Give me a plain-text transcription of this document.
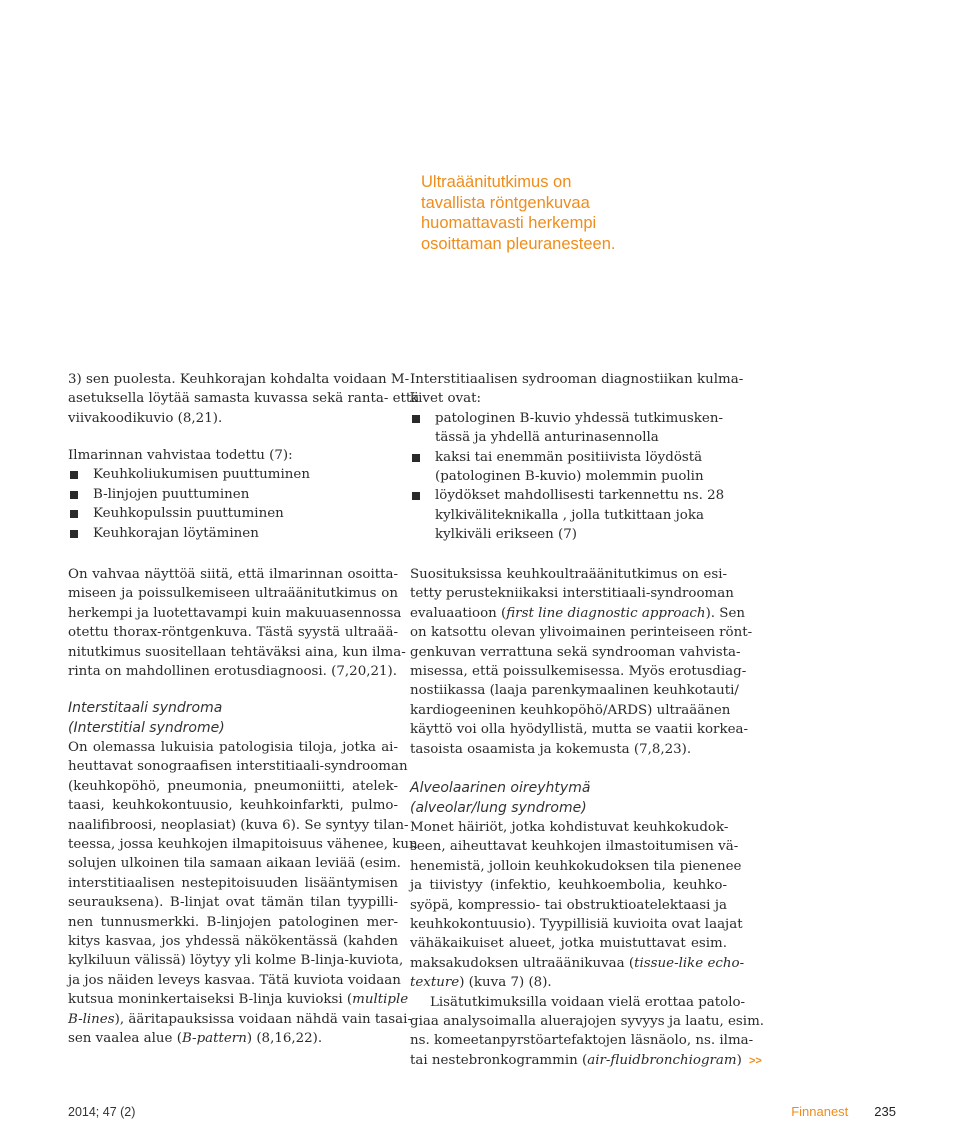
Ultraäänitutkimus on
tavallista röntgenkuvaa
huomattavasti herkempi
osoittaman pleuranesteen.

3) sen puolesta. Keuhkorajan kohdalta voidaan M-
asetuksella löytää samasta kuvassa sekä ranta- että
viivakoodikuvio (8,21).

Ilmarinnan vahvistaa todettu (7):

Keuhkoliukumisen puuttuminen
B-linjojen puuttuminen
Keuhkopulssin puuttuminen
Keuhkorajan löytäminen

On vahvaa näyttöä siitä, että ilmarinnan osoitta-
miseen ja poissulkemiseen ultraäänitutkimus on
herkempi ja luotettavampi kuin makuuasennossa
otettu thorax-röntgenkuva. Tästä syystä ultraää-
nitutkimus suositellaan tehtäväksi aina, kun ilma-
rinta on mahdollinen erotusdiagnoosi. (7,20,21).

Interstitaali syndroma
(Interstitial syndrome)

On olemassa lukuisia patologisia tiloja, jotka ai-
heuttavat sonograafisen interstitiaali-syndrooman
(keuhkopöhö, pneumonia, pneumoniitti, atelek-
taasi, keuhkokontuusio, keuhkoinfarkti, pulmo-
naalifibroosi, neoplasiat) (kuva 6). Se syntyy tilan-
teessa, jossa keuhkojen ilmapitoisuus vähenee, kun
solujen ulkoinen tila samaan aikaan leviää (esim.
interstitiaalisen nestepitoisuuden lisääntymisen
seurauksena). B-linjat ovat tämän tilan tyypilli-
nen tunnusmerkki. B-linjojen patologinen mer-
kitys kasvaa, jos yhdessä näkökentässä (kahden
kylkiluun välissä) löytyy yli kolme B-linja-kuviota,
ja jos näiden leveys kasvaa. Tätä kuviota voidaan
kutsua moninkertaiseksi B-linja kuvioksi (multiple
B-lines), ääritapauksissa voidaan nähdä vain tasai-
sen vaalea alue (B-pattern) (8,16,22).

Interstitiaalisen sydrooman diagnostiikan kulma-
kivet ovat:

patologinen B-kuvio yhdessä tutkimusken-
tässä ja yhdellä anturinasennolla
kaksi tai enemmän positiivista löydöstä
(patologinen B-kuvio) molemmin puolin
löydökset mahdollisesti tarkennettu ns. 28
kylkiväliteknikalla , jolla tutkittaan joka
kylkiväli erikseen (7)

Suosituksissa keuhkoultraäänitutkimus on esi-
tetty perustekniikaksi interstitiaali-syndrooman
evaluaatioon (first line diagnostic approach). Sen
on katsottu olevan ylivoimainen perinteiseen rönt-
genkuvan verrattuna sekä syndrooman vahvista-
misessa, että poissulkemisessa. Myös erotusdiag-
nostiikassa (laaja parenkymaalinen keuhkotauti/
kardiogeeninen keuhkopöhö/ARDS) ultraäänen
käyttö voi olla hyödyllistä, mutta se vaatii korkea-
tasoista osaamista ja kokemusta (7,8,23).

Alveolaarinen oireyhtymä
(alveolar/lung syndrome)

Monet häiriöt, jotka kohdistuvat keuhkokudok-
seen, aiheuttavat keuhkojen ilmastoitumisen vä-
henemistä, jolloin keuhkokudoksen tila pienenee
ja tiivistyy (infektio, keuhkoembolia, keuhko-
syöpä, kompressio- tai obstruktioatelektaasi ja
keuhkokontuusio). Tyypillisiä kuvioita ovat laajat
vähäkaikuiset alueet, jotka muistuttavat esim.
maksakudoksen ultraäänikuvaa (tissue-like echo-
texture) (kuva 7) (8).

Lisätutkimuksilla voidaan vielä erottaa patolo-
giaa analysoimalla aluerajojen syvyys ja laatu, esim.
ns. komeetanpyrstöartefaktojen läsnäolo, ns. ilma-
tai nestebronkogrammin (air-fluidbronchiogram) >>
2014; 47 (2)	Finnanest 235
